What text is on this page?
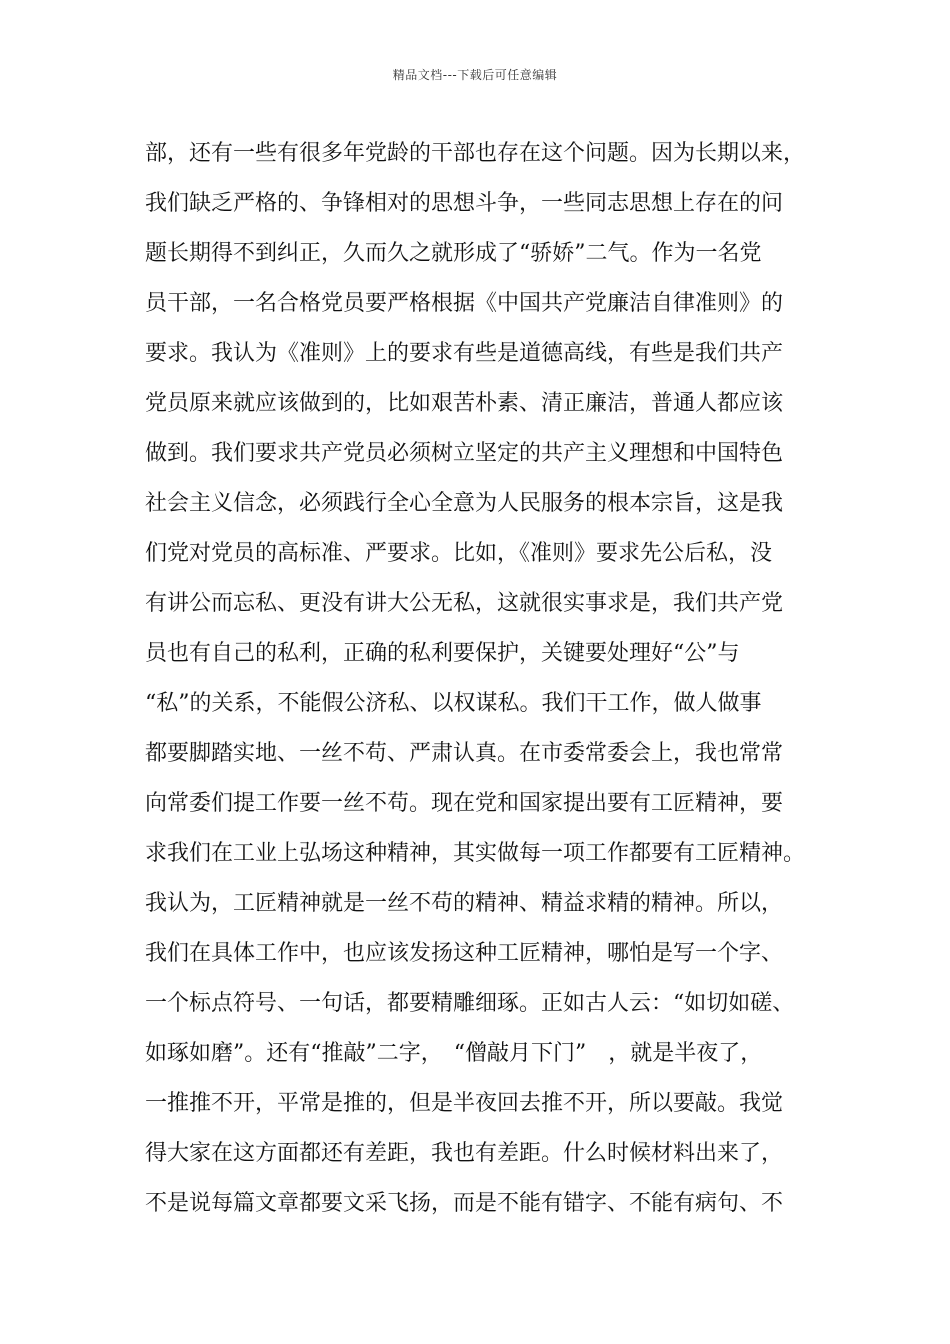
精品文档---下载后可任意编辑
部，还有一些有很多年党龄的干部也存在这个问题。因为长期以来，
我们缺乏严格的、争锋相对的思想斗争，一些同志思想上存在的问
题长期得不到纠正，久而久之就形成了“骄娇”二气。作为一名党
员干部，一名合格党员要严格根据《中国共产党廉洁自律准则》的
要求。我认为《准则》上的要求有些是道德高线，有些是我们共产
党员原来就应该做到的，比如艰苦朴素、清正廉洁，普通人都应该
做到。我们要求共产党员必须树立坚定的共产主义理想和中国特色
社会主义信念，必须践行全心全意为人民服务的根本宗旨，这是我
们党对党员的高标准、严要求。比如，《准则》要求先公后私，没
有讲公而忘私、更没有讲大公无私，这就很实事求是，我们共产党
员也有自己的私利，正确的私利要保护，关键要处理好“公”与
“私”的关系，不能假公济私、以权谋私。我们干工作，做人做事
都要脚踏实地、一丝不苟、严肃认真。在市委常委会上，我也常常
向常委们提工作要一丝不苟。现在党和国家提出要有工匠精神，要
求我们在工业上弘场这种精神，其实做每一项工作都要有工匠精神。
我认为，工匠精神就是一丝不苟的精神、精益求精的精神。所以，
我们在具体工作中，也应该发扬这种工匠精神，哪怕是写一个字、
一个标点符号、一句话，都要精雕细琢。正如古人云：“如切如磋、
如琢如磨”。还有“推敲”二字，　“僧敲月下门”　，就是半夜了，
一推推不开，平常是推的，但是半夜回去推不开，所以要敲。我觉
得大家在这方面都还有差距，我也有差距。什么时候材料出来了，
不是说每篇文章都要文采飞扬，而是不能有错字、不能有病句、不
